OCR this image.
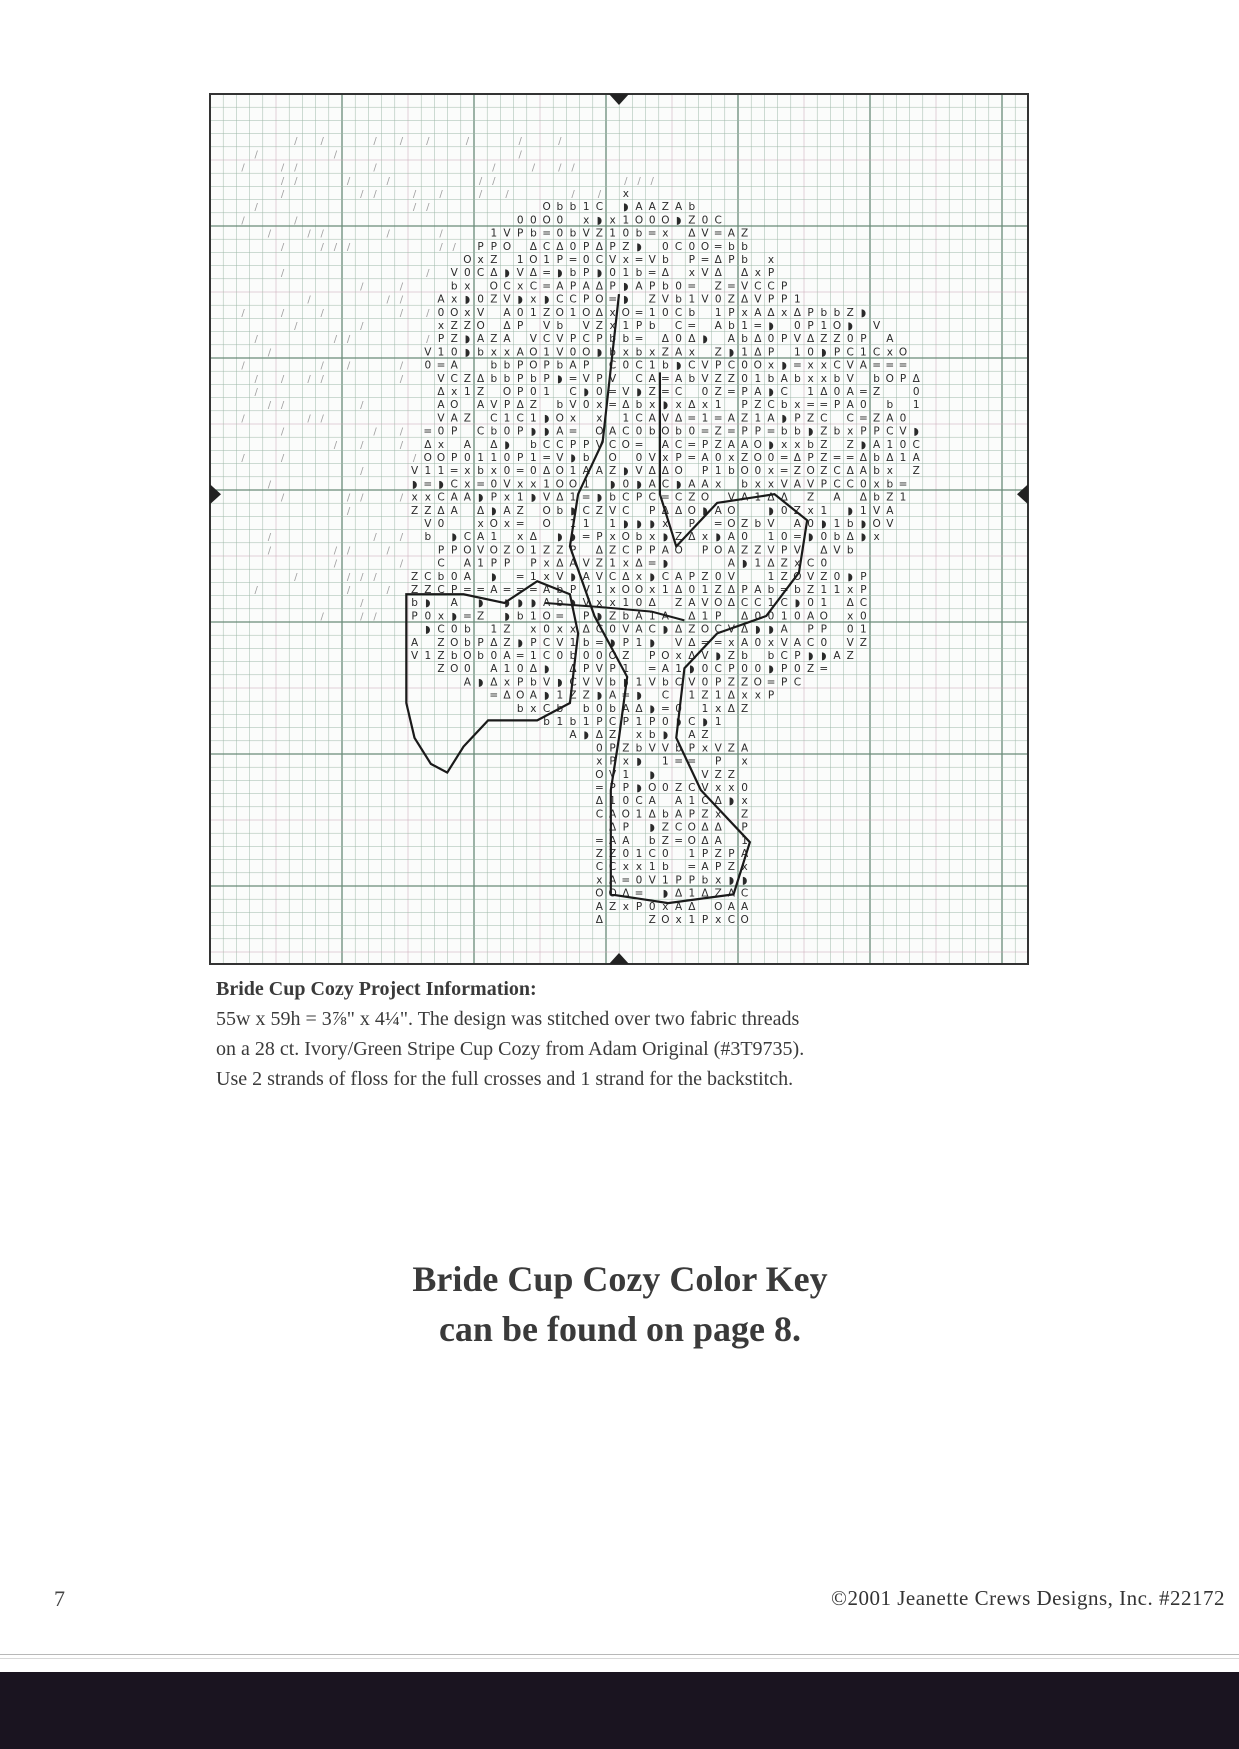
/
/
/
/
/
/
/
/
/
/
/
/
/
/
/
/
/
/
/
/
/
/
/
/
/
/
/
/
/
/
/
/
/
/
/
/
/
/
/
/
/
/
/
/
/
/
/
/
/
/
/
/
/
/
/
/
/
/
/
/
/
/
/
/
/
/
/
/
/
/
/
/
/
/
/
/
/
/
/
/
/
/
/
/
/
/
/
/
/
/
/
/
/
/
/
/
/
/
V
◗
x
Z
Z
Z
b
P
A
V
/
/
/
/
/
V
0
=
Δ
O
1
=
x
Z
V
b
C
Z
◗
0
◗
1
/
/
/
A
0
x
P
1
=
V
Δ
A
V
0
x
O
1
◗
C
Δ
0
P
C
b
C
x
C
Z
Z
Z
/
V
b
x
O
Z
Z
0
A
C
x
O
A
P
P
=
C
A
A
◗
P
0
P
A
◗
0
O
b
O
/
O
0
x
◗
x
Z
◗
◗
Z
1
Z
A
0
x
x
A
C
O
A
A
=
=
b
b
O
0
A
/
/
P
x
C
0
V
O
A
b
Δ
Z
A
C
1
b
=
◗
Δ
x
A
V
1
=
◗
Z
P
b
◗
/
/
1
P
Z
Δ
O
Z
Z
x
b
b
V
C
b
Δ
1
x
0
P
◗
O
1
O
P
◗
A
1
Δ
0
A
Δ
=
/
V
O
◗
C
V
A
Δ
A
x
b
b
O
P
1
0
◗
0
0
V
x
A
x
Z
P
=
◗
◗
Z
Z
A
1
x
Δ
/
/
0
P
1
V
x
◗
0
P
A
P
P
P
Δ
C
P
P
=
x
1
Z
=
x
O
=
=
◗
b
◗
=
0
P
O
b
/
0
b
Δ
O
Δ
C
x
1
V
O
O
b
0
Z
1
◗
b
1
0
x
◗
Δ
1
P
1
=
◗
1
x
P
1
Δ
b
A
x
O
O
=
C
1
=
=
◗
Z
V
C
1
P
P
1
◗
◗
C
=
Δ
1
V
O
O
Z
x
x
A
A
O
0
C
C
◗
V
◗
C
b
/
/
b
0
0
Δ
P
◗
A
C
O
b
V
V
b
◗
b
O
A
C
V
O
O
Δ
b
◗
Z
Δ
V
b
b
=
x
V
0
◗
1
b
1
/
/
b
b
0
=
b
P
C
1
P
0
A
=
C
V
x
=
P
◗
1
O
1
◗
1
◗
P
A
◗
P
◗
x
1
b
Δ
C
Z
b
A
1
x
V
P
0
P
A
P
O
V
C
O
P
V
◗
0
P
b
A
1
=
C
1
=
V
A
V
V
P
Δ
b
0
P
V
Z
b
1
◗
/
C
◗
Z
Δ
C
◗
Δ
O
Δ
Z
P
◗
P
0
x
x
O
V
A
◗
Z
P
Δ
Z
V
1
x
◗
C
=
0
V
V
◗
0
P
Δ
0
x
O
=
Δ
C
=
Z
C
x
O
A
Δ
x
1
P
V
0
P
=
x
x
b
b
C
V
=
=
A
C
O
Z
◗
b
V
1
x
Z
1
C
x
x
Z
0
◗
O
P
b
A
b
C
Z
P
P
V
P
1
A
Δ
A
Z
C
A
O
Z
/
x
◗
1
0
Z
x
1
◗
◗
O
1
b
x
0
V
Δ
1
C
O
◗
0
C
C
◗
O
C
x
Δ
O
1
b
V
P
Z
1
◗
=
A
P
Z
x
1
P
0
O
P
A
0
x
=
Δ
x
/
A
O
b
◗
=
b
A
=
P
=
b
C
C
◗
b
C
0
=
0
V
◗
P
◗
b
P
Δ
x
O
0
A
A
1
1
◗
Δ
1
x
b
◗
◗
C
1
1
x
0
=
P
/
A
0
=
V
=
P
Z
1
b
x
1
A
Z
x
A
b
V
Δ
A
C
P
◗
x
P
=
◗
x
Δ
1
C
◗
P
=
V
◗
P
b
V
◗
O
A
Δ
◗
b
C
1
V
0
Z
Z
O
x
0
b
Δ
b
V
0
Δ
Z
b
=
=
◗
V
O
A
x
Δ
C
=
Δ
x
◗
A
◗
C
1
A
◗
O
A
b
C
=
0
◗
V
1
0
b
Z
Z
0
b
1
◗
x
O
A
◗
C
0
b
C
C
0
A
◗
A
C
x
Δ
b
C
P
O
◗
C
Δ
Z
O
A
Δ
Z
Δ
V
x
1
C
0
◗
b
=
Z
A
A
C
=
P
Δ
A
x
b
Z
Δ
0
P
x
=
1
b
=
Δ
x
C
b
Δ
=
0
=
=
A
Z
O
P
Δ
P
0
A
Δ
Z
Δ
Δ
◗
V
1
C
A
P
=
C
1
P
O
O
1
=
P
1
Δ
1
0
V
O
=
V
V
◗
V
V
0
x
1
=
P
A
P
A
O
◗
x
P
Z
1
V
1
O
=
V
0
0
Z
1
◗
Z
x
V
V
C
Z
Δ
Δ
P
A
b
Δ
P
C
=
=
Δ
Δ
Z
0
1
A
Z
P
Z
Z
1
=
Z
Z
0
1
x
A
=
◗
O
0
Z
O
P
C
=
◗
C
P
1
x
1
V
P
Z
x
Δ
x
Δ
A
Z
P
x
Z
O
x
A
b
P
=
Z
P
b
A
◗
C
Z
=
A
=
A
x
b
V
O
O
A
A
A
V
Δ
Δ
V
x
Z
P
Z
Δ
Δ
Z
Z
x
◗
P
Z
◗
A
A
C
Z
b
b
Δ
V
Δ
x
1
b
1
0
0
P
P
Z
P
A
Z
O
b
A
Z
0
Z
◗
P
C
Δ
Δ
A
b
0
Z
x
Z
A
x
0
x
Z
P
1
A
x
◗
C
A
O
x
C
V
A
=
Δ
Δ
O
1
A
Z
1
P
O
O
0
x
1
b
Z
1
A
C
0
◗
0
0
O
x
x
P
C
P
Δ
◗
0
P
x
b
◗
C
A
=
◗
0
x
x
Δ
◗
V
1
V
Δ
1
b
1
0
◗
x
b
◗
=
P
P
P
x
P
◗
A
C
b
◗
b
x
=
=
V
Δ
0
0
P
Z
Z
=
C
1
A
V
C
P
P
1
Δ
0
V
1
=
b
x
P
b
x
Δ
Z
A
Z
A
=
V
x
O
b
◗
0
A
P
0
C
P
P
Δ
0
x
x
1
=
Z
◗
b
P
O
V
Z
x
0
◗
C
V
Z
0
A
P
C
◗
Z
b
1
Z
◗
x
x
Δ
=
C
Z
Z
Z
Z
P
1
◗
0
Δ
0
Z
1
1
O
P
0
◗
=
b
O
Z
P
C
b
0
P
b
=
C
C
A
1
b
V
0
1
A
Z
◗
0
C
V
V
A
A
C
x
Z
=
Δ
C
◗
b
Δ
b
◗
x
Δ
x
0
V
Z
◗
P
1
A
=
0
=
P
◗
Δ
A
0
Δ
1
◗
◗
P
P
C
0
1
Z
V
C
=
b
Z
Z
P
A
b
b
x
b
V
O
x
A
x
=
O
b
A
C
1
Δ
x
b
Z
A
V
O
=
P
0
V
0
1
=
1
Δ
0
1
◗
C
A
Z
Bride Cup Cozy Project Information:
55w x 59h = 3⅞" x 4¼". The design was stitched over two fabric threads
on a 28 ct. Ivory/Green Stripe Cup Cozy from Adam Original (#3T9735).
Use 2 strands of floss for the full crosses and 1 strand for the backstitch.
Bride Cup Cozy Color Key
can be found on page 8.
7	©2001 Jeanette Crews Designs, Inc. #22172
